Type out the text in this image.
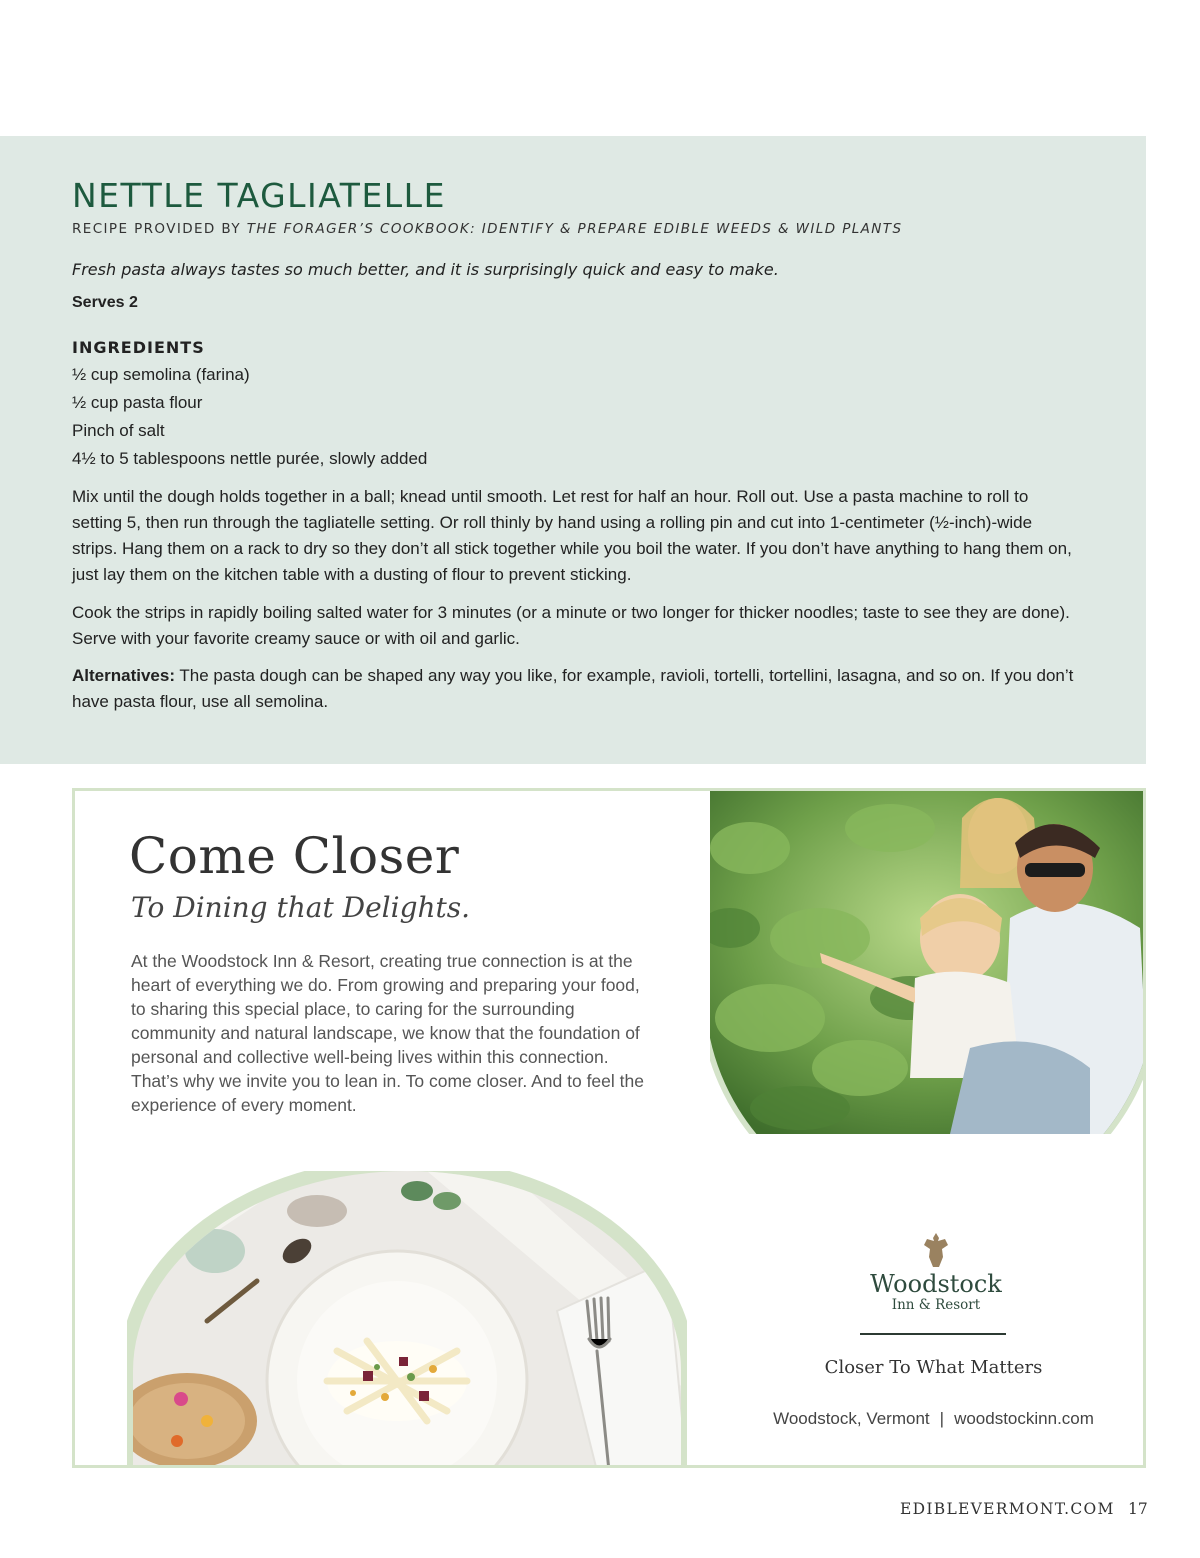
NETTLE TAGLIATELLE
RECIPE PROVIDED BY THE FORAGER’S COOKBOOK: IDENTIFY & PREPARE EDIBLE WEEDS & WILD PLANTS

Fresh pasta always tastes so much better, and it is surprisingly quick and easy to make.

Serves 2

INGREDIENTS
½ cup semolina (farina)
½ cup pasta flour
Pinch of salt
4½ to 5 tablespoons nettle purée, slowly added

Mix until the dough holds together in a ball; knead until smooth. Let rest for half an hour. Roll out. Use a pasta machine to roll to setting 5, then run through the tagliatelle setting. Or roll thinly by hand using a rolling pin and cut into 1-centimeter (½-inch)-wide strips. Hang them on a rack to dry so they don’t all stick together while you boil the water. If you don’t have anything to hang them on, just lay them on the kitchen table with a dusting of flour to prevent sticking.

Cook the strips in rapidly boiling salted water for 3 minutes (or a minute or two longer for thicker noodles; taste to see they are done). Serve with your favorite creamy sauce or with oil and garlic.

Alternatives: The pasta dough can be shaped any way you like, for example, ravioli, tortelli, tortellini, lasagna, and so on. If you don’t have pasta flour, use all semolina.

Come Closer
To Dining that Delights.

At the Woodstock Inn & Resort, creating true connection is at the heart of everything we do. From growing and preparing your food, to sharing this special place, to caring for the surrounding community and natural landscape, we know that the foundation of personal and collective well-being lives within this connection. That’s why we invite you to lean in. To come closer. And to feel the experience of every moment.

Woodstock
Inn & Resort
Closer To What Matters
Woodstock, Vermont | woodstockinn.com
EDIBLEVERMONT.COM 17
